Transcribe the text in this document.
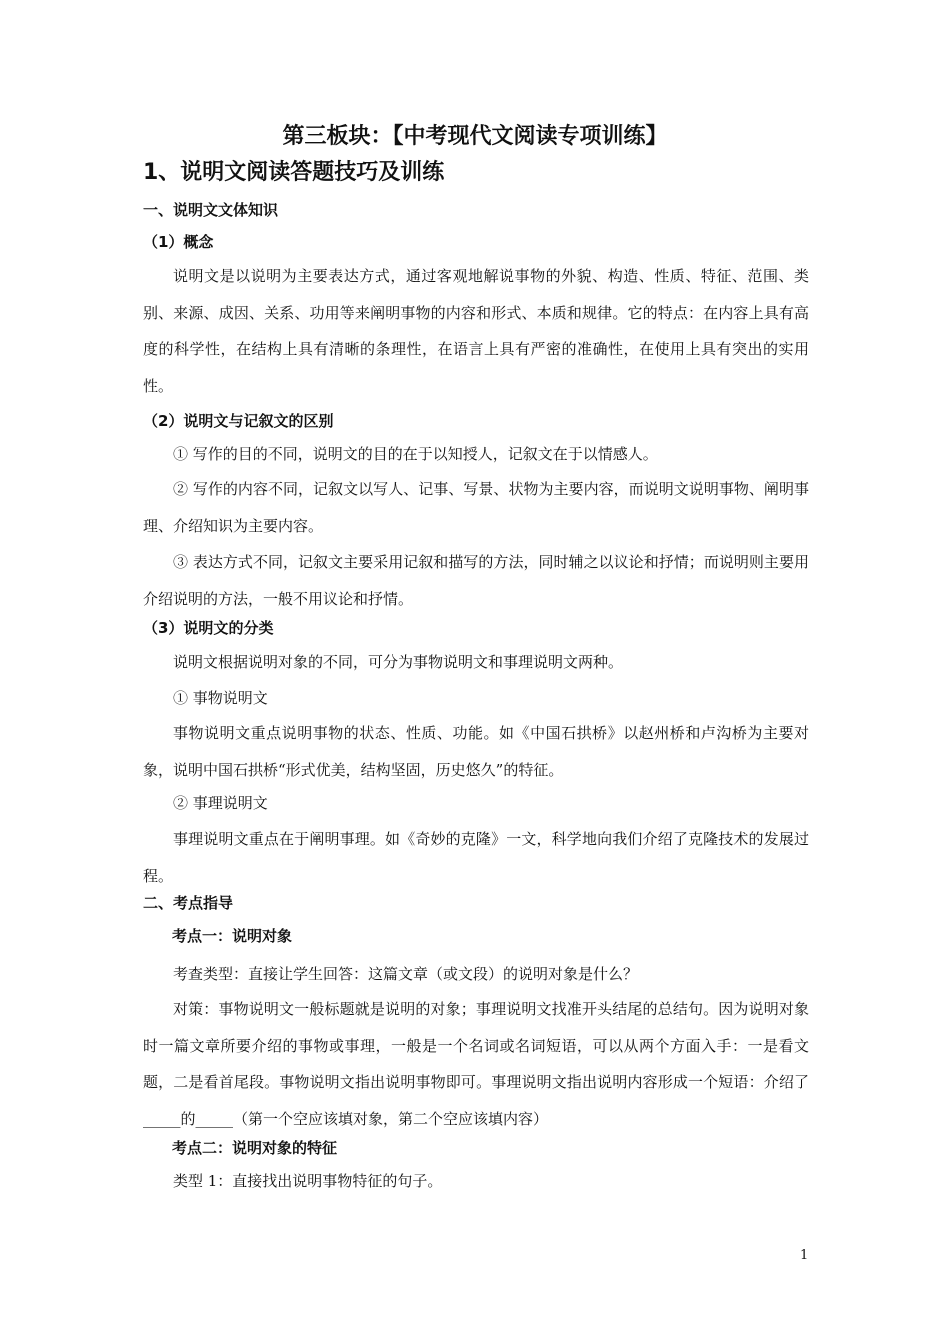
第三板块：【中考现代文阅读专项训练】
1、说明文阅读答题技巧及训练
一、说明文文体知识
（1）概念
说明文是以说明为主要表达方式，通过客观地解说事物的外貌、构造、性质、特征、范围、类别、来源、成因、关系、功用等来阐明事物的内容和形式、本质和规律。它的特点：在内容上具有高度的科学性，在结构上具有清晰的条理性，在语言上具有严密的准确性，在使用上具有突出的实用性。
（2）说明文与记叙文的区别
① 写作的目的不同，说明文的目的在于以知授人，记叙文在于以情感人。
② 写作的内容不同，记叙文以写人、记事、写景、状物为主要内容，而说明文说明事物、阐明事理、介绍知识为主要内容。
③ 表达方式不同，记叙文主要采用记叙和描写的方法，同时辅之以议论和抒情；而说明则主要用介绍说明的方法，一般不用议论和抒情。
（3）说明文的分类
说明文根据说明对象的不同，可分为事物说明文和事理说明文两种。
① 事物说明文
事物说明文重点说明事物的状态、性质、功能。如《中国石拱桥》以赵州桥和卢沟桥为主要对象，说明中国石拱桥“形式优美，结构坚固，历史悠久”的特征。
② 事理说明文
事理说明文重点在于阐明事理。如《奇妙的克隆》一文，科学地向我们介绍了克隆技术的发展过程。
二、考点指导
考点一：说明对象
考查类型：直接让学生回答：这篇文章（或文段）的说明对象是什么？
对策：事物说明文一般标题就是说明的对象；事理说明文找准开头结尾的总结句。因为说明对象时一篇文章所要介绍的事物或事理，一般是一个名词或名词短语，可以从两个方面入手：一是看文题，二是看首尾段。事物说明文指出说明事物即可。事理说明文指出说明内容形成一个短语：介绍了_____的_____（第一个空应该填对象，第二个空应该填内容）
考点二：说明对象的特征
类型 1：直接找出说明事物特征的句子。
1
